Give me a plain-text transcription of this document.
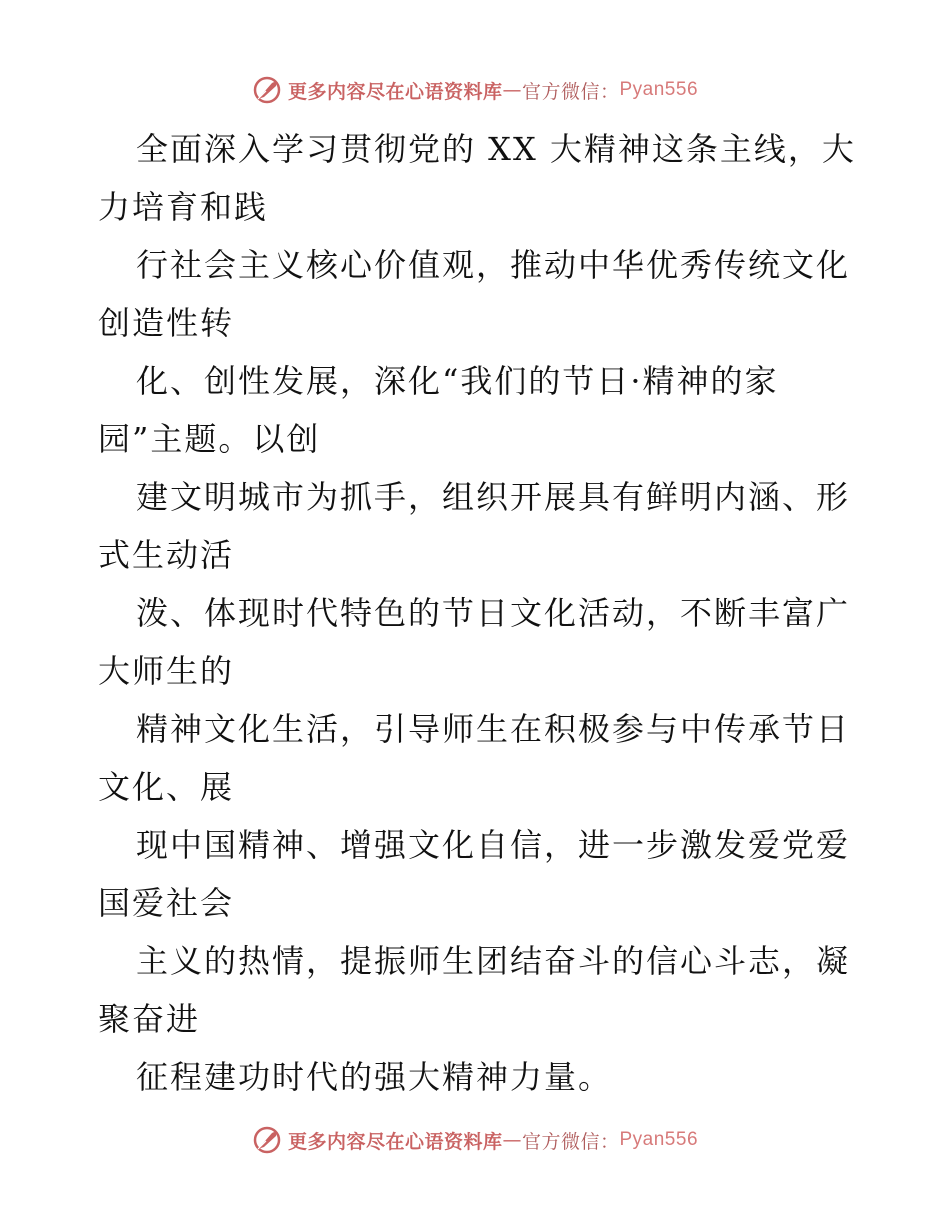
更多内容尽在心语资料库 — 官方微信： Pyan556
全面深入学习贯彻党的 XX 大精神这条主线，大
力培育和践
行社会主义核心价值观，推动中华优秀传统文化
创造性转
化、创性发展，深化“我们的节日·精神的家
园”主题。以创
建文明城市为抓手，组织开展具有鲜明内涵、形
式生动活
泼、体现时代特色的节日文化活动，不断丰富广
大师生的
精神文化生活，引导师生在积极参与中传承节日
文化、展
现中国精神、增强文化自信，进一步激发爱党爱
国爱社会
主义的热情，提振师生团结奋斗的信心斗志，凝
聚奋进
征程建功时代的强大精神力量。
更多内容尽在心语资料库 — 官方微信： Pyan556
